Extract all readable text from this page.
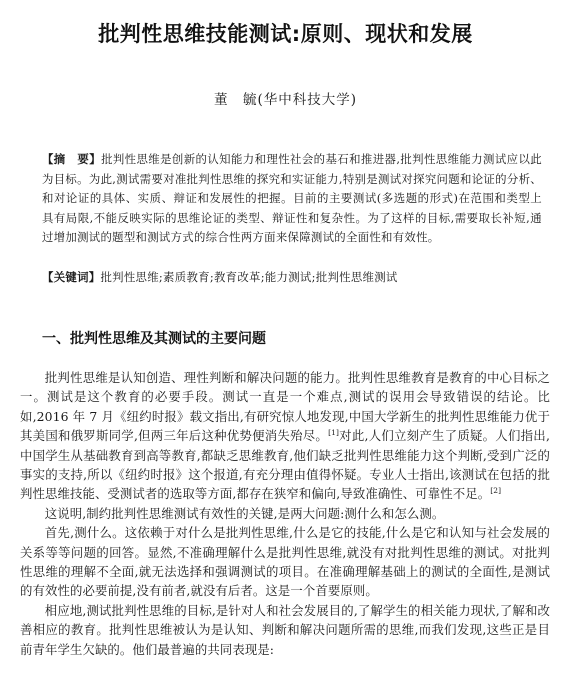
批判性思维技能测试:原则、现状和发展
董　毓(华中科技大学)
【摘　要】批判性思维是创新的认知能力和理性社会的基石和推进器,批判性思维能力测试应以此为目标。为此,测试需要对准批判性思维的探究和实证能力,特别是测试对探究问题和论证的分析、和对论证的具体、实质、辩证和发展性的把握。目前的主要测试(多选题的形式)在范围和类型上具有局限,不能反映实际的思维论证的类型、辩证性和复杂性。为了这样的目标,需要取长补短,通过增加测试的题型和测试方式的综合性两方面来保障测试的全面性和有效性。
【关键词】批判性思维;素质教育;教育改革;能力测试;批判性思维测试
一、批判性思维及其测试的主要问题

批判性思维是认知创造、理性判断和解决问题的能力。批判性思维教育是教育的中心目标之一。测试是这个教育的必要手段。测试一直是一个难点,测试的误用会导致错误的结论。比如,2016 年 7 月《纽约时报》载文指出,有研究惊人地发现,中国大学新生的批判性思维能力优于其美国和俄罗斯同学,但两三年后这种优势便消失殆尽。[1]对此,人们立刻产生了质疑。人们指出,中国学生从基础教育到高等教育,都缺乏思维教育,他们缺乏批判性思维能力这个判断,受到广泛的事实的支持,所以《纽约时报》这个报道,有充分理由值得怀疑。专业人士指出,该测试在包括的批判性思维技能、受测试者的选取等方面,都存在狭窄和偏向,导致准确性、可靠性不足。[2]

这说明,制约批判性思维测试有效性的关键,是两大问题:测什么和怎么测。

首先,测什么。这依赖于对什么是批判性思维,什么是它的技能,什么是它和认知与社会发展的关系等等问题的回答。显然,不准确理解什么是批判性思维,就没有对批判性思维的测试。对批判性思维的理解不全面,就无法选择和强调测试的项目。在准确理解基础上的测试的全面性,是测试的有效性的必要前提,没有前者,就没有后者。这是一个首要原则。

相应地,测试批判性思维的目标,是针对人和社会发展目的,了解学生的相关能力现状,了解和改善相应的教育。批判性思维被认为是认知、判断和解决问题所需的思维,而我们发现,这些正是目前青年学生欠缺的。他们最普遍的共同表现是:
